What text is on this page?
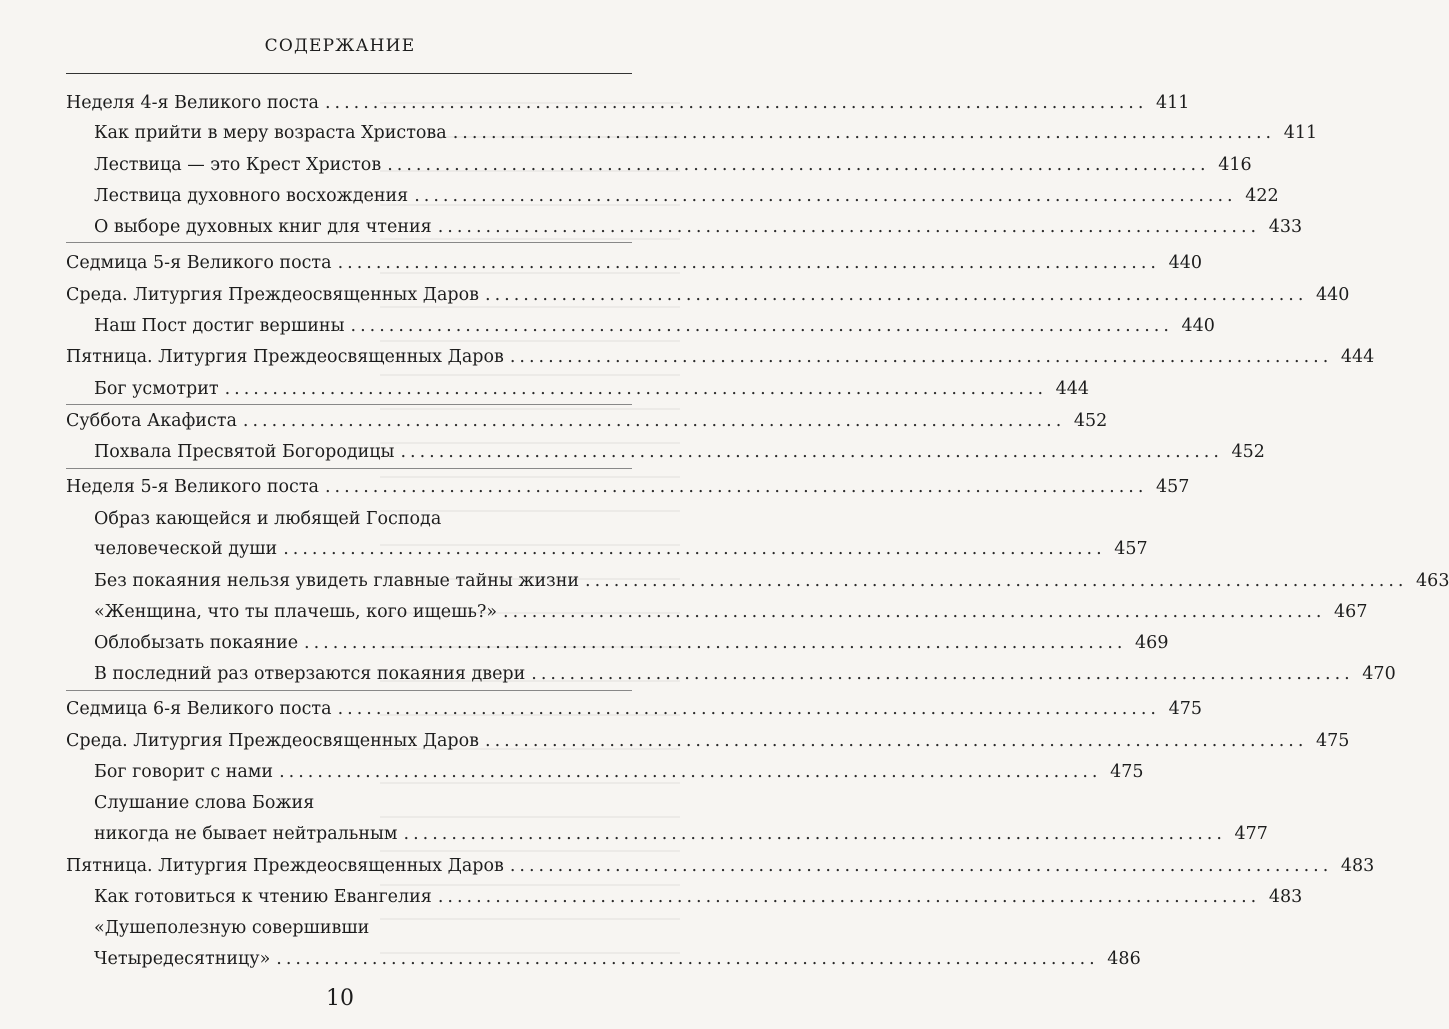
СОДЕРЖАНИЕ
Неделя 4-я Великого поста ...................................................................................... 411
Как прийти в меру возраста Христова ...................................................................................... 411
Лествица — это Крест Христов ...................................................................................... 416
Лествица духовного восхождения ...................................................................................... 422
О выборе духовных книг для чтения ...................................................................................... 433
Седмица 5-я Великого поста ...................................................................................... 440
Среда. Литургия Преждеосвященных Даров ...................................................................................... 440
Наш Пост достиг вершины ...................................................................................... 440
Пятница. Литургия Преждеосвященных Даров ...................................................................................... 444
Бог усмотрит ...................................................................................... 444
Суббота Акафиста ...................................................................................... 452
Похвала Пресвятой Богородицы ...................................................................................... 452
Неделя 5-я Великого поста ...................................................................................... 457
Образ кающейся и любящей Господа
человеческой души ...................................................................................... 457
Без покаяния нельзя увидеть главные тайны жизни ...................................................................................... 463
«Женщина, что ты плачешь, кого ищешь?» ...................................................................................... 467
Облобызать покаяние ...................................................................................... 469
В последний раз отверзаются покаяния двери ...................................................................................... 470
Седмица 6-я Великого поста ...................................................................................... 475
Среда. Литургия Преждеосвященных Даров ...................................................................................... 475
Бог говорит с нами ...................................................................................... 475
Слушание слова Божия
никогда не бывает нейтральным ...................................................................................... 477
Пятница. Литургия Преждеосвященных Даров ...................................................................................... 483
Как готовиться к чтению Евангелия ...................................................................................... 483
«Душеполезную совершивши
Четыредесятницу» ...................................................................................... 486
10
